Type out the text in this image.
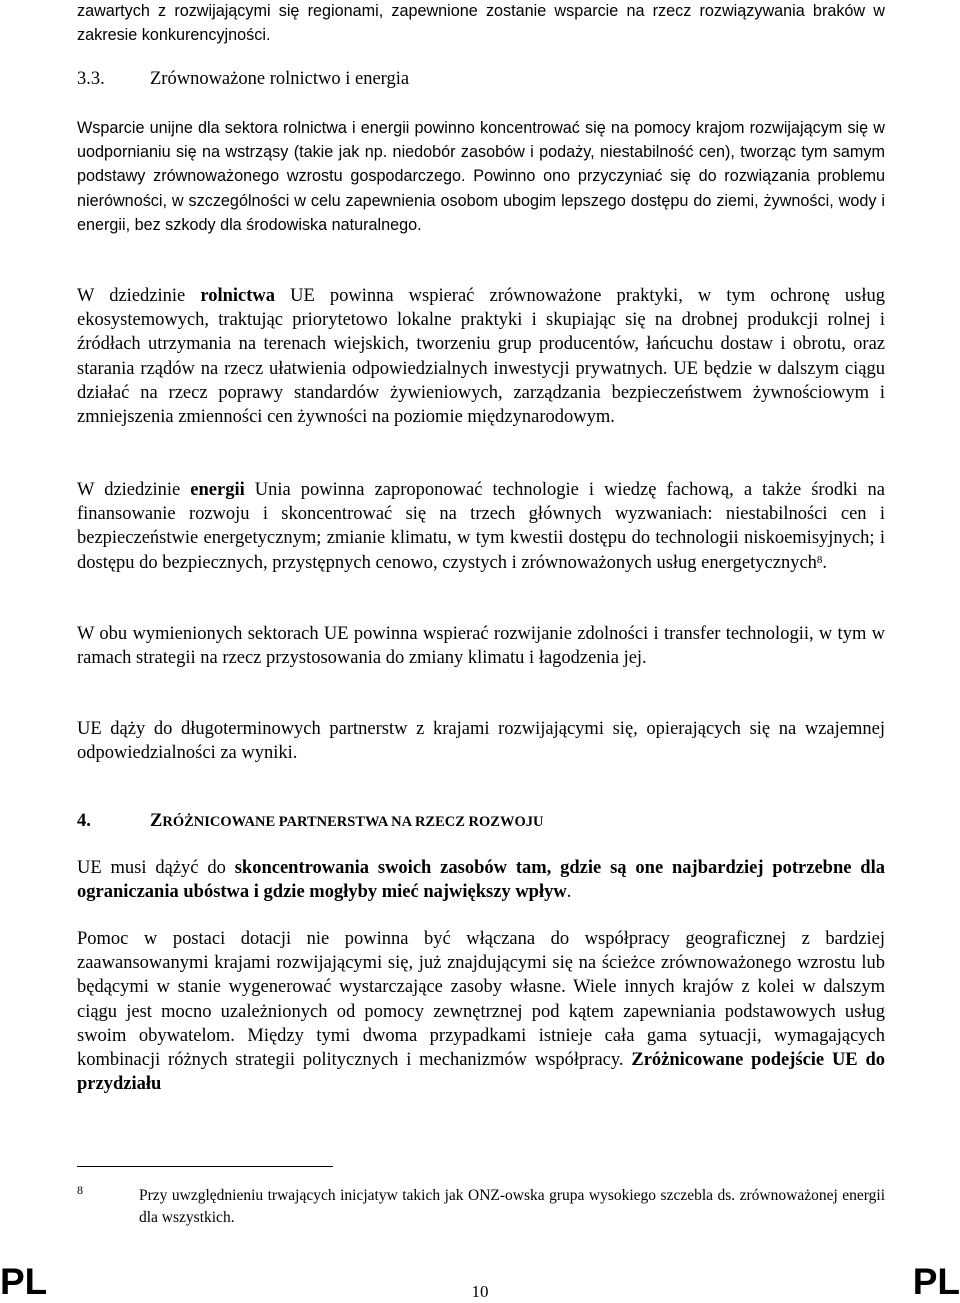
zawartych z rozwijającymi się regionami, zapewnione zostanie wsparcie na rzecz rozwiązywania braków w zakresie konkurencyjności.

3.3. Zrównoważone rolnictwo i energia

Wsparcie unijne dla sektora rolnictwa i energii powinno koncentrować się na pomocy krajom rozwijającym się w uodpornianiu się na wstrząsy (takie jak np. niedobór zasobów i podaży, niestabilność cen), tworząc tym samym podstawy zrównoważonego wzrostu gospodarczego. Powinno ono przyczyniać się do rozwiązania problemu nierówności, w szczególności w celu zapewnienia osobom ubogim lepszego dostępu do ziemi, żywności, wody i energii, bez szkody dla środowiska naturalnego.

W dziedzinie rolnictwa UE powinna wspierać zrównoważone praktyki, w tym ochronę usług ekosystemowych, traktując priorytetowo lokalne praktyki i skupiając się na drobnej produkcji rolnej i źródłach utrzymania na terenach wiejskich, tworzeniu grup producentów, łańcuchu dostaw i obrotu, oraz starania rządów na rzecz ułatwienia odpowiedzialnych inwestycji prywatnych. UE będzie w dalszym ciągu działać na rzecz poprawy standardów żywieniowych, zarządzania bezpieczeństwem żywnościowym i zmniejszenia zmienności cen żywności na poziomie międzynarodowym.

W dziedzinie energii Unia powinna zaproponować technologie i wiedzę fachową, a także środki na finansowanie rozwoju i skoncentrować się na trzech głównych wyzwaniach: niestabilności cen i bezpieczeństwie energetycznym; zmianie klimatu, w tym kwestii dostępu do technologii niskoemisyjnych; i dostępu do bezpiecznych, przystępnych cenowo, czystych i zrównoważonych usług energetycznych$^8$.

W obu wymienionych sektorach UE powinna wspierać rozwijanie zdolności i transfer technologii, w tym w ramach strategii na rzecz przystosowania do zmiany klimatu i łagodzenia jej.

UE dąży do długoterminowych partnerstw z krajami rozwijającymi się, opierających się na wzajemnej odpowiedzialności za wyniki.

4.	ZRÓŻNICOWANE PARTNERSTWA NA RZECZ ROZWOJU

UE musi dążyć do skoncentrowania swoich zasobów tam, gdzie są one najbardziej potrzebne dla ograniczania ubóstwa i gdzie mogłyby mieć największy wpływ.

Pomoc w postaci dotacji nie powinna być włączana do współpracy geograficznej z bardziej zaawansowanymi krajami rozwijającymi się, już znajdującymi się na ścieżce zrównoważonego wzrostu lub będącymi w stanie wygenerować wystarczające zasoby własne. Wiele innych krajów z kolei w dalszym ciągu jest mocno uzależnionych od pomocy zewnętrznej pod kątem zapewniania podstawowych usług swoim obywatelom. Między tymi dwoma przypadkami istnieje cała gama sytuacji, wymagających kombinacji różnych strategii politycznych i mechanizmów współpracy. Zróżnicowane podejście UE do przydziału

8	Przy uwzględnieniu trwających inicjatyw takich jak ONZ-owska grupa wysokiego szczebla ds. zrównoważonej energii dla wszystkich.
PL	10	PL
